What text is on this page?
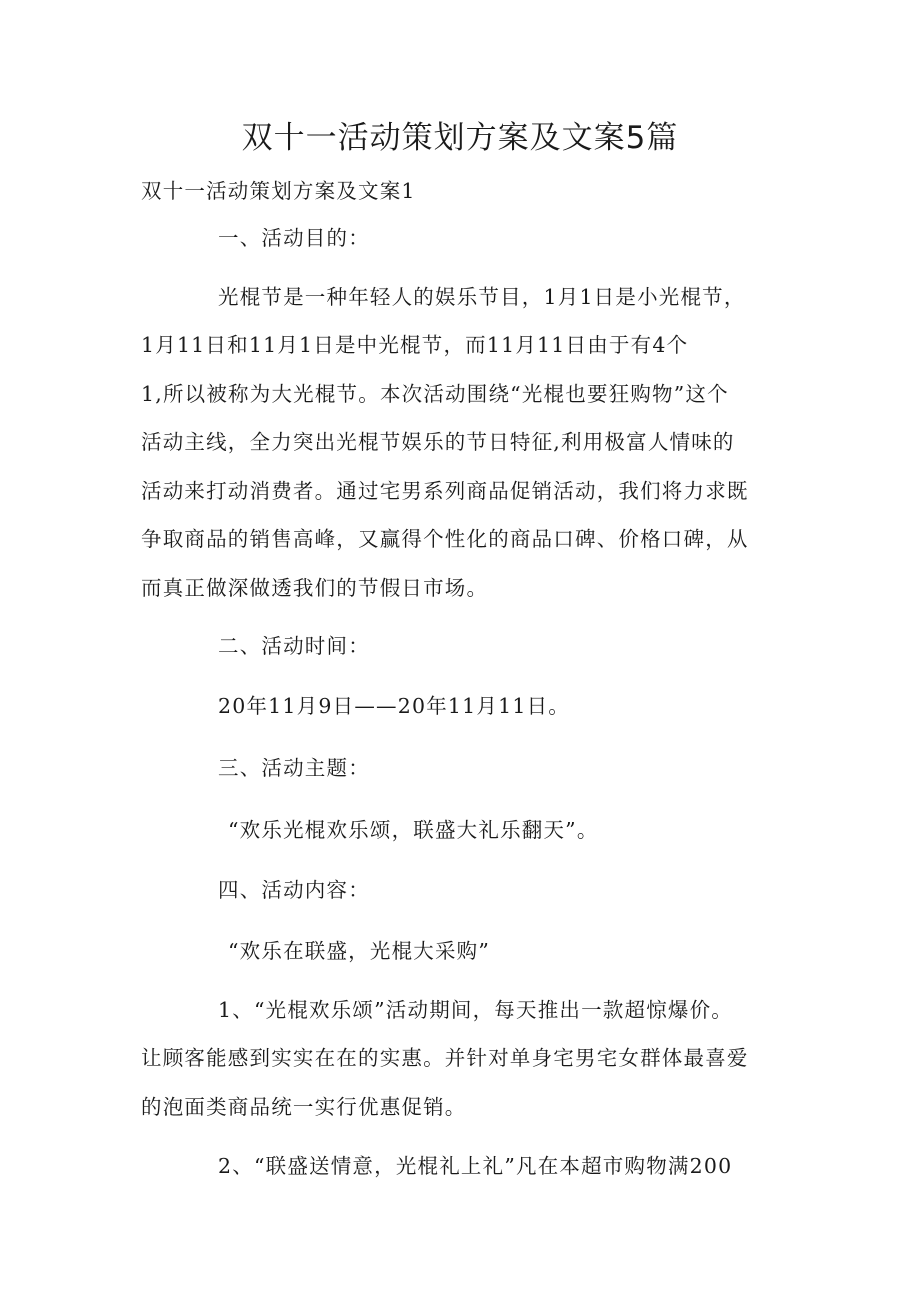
双十一活动策划方案及文案5篇

双十一活动策划方案及文案1

一、活动目的：

光棍节是一种年轻人的娱乐节目，1月1日是小光棍节，

1月11日和11月1日是中光棍节，而11月11日由于有4个

1,所以被称为大光棍节。本次活动围绕“光棍也要狂购物”这个

活动主线，全力突出光棍节娱乐的节日特征,利用极富人情味的

活动来打动消费者。通过宅男系列商品促销活动，我们将力求既

争取商品的销售高峰，又赢得个性化的商品口碑、价格口碑，从

而真正做深做透我们的节假日市场。

二、活动时间：

20年11月9日——20年11月11日。

三、活动主题：

“欢乐光棍欢乐颂，联盛大礼乐翻天”。

四、活动内容：

“欢乐在联盛，光棍大采购”

1、“光棍欢乐颂”活动期间，每天推出一款超惊爆价。

让顾客能感到实实在在的实惠。并针对单身宅男宅女群体最喜爱

的泡面类商品统一实行优惠促销。

2、“联盛送情意，光棍礼上礼”凡在本超市购物满200
